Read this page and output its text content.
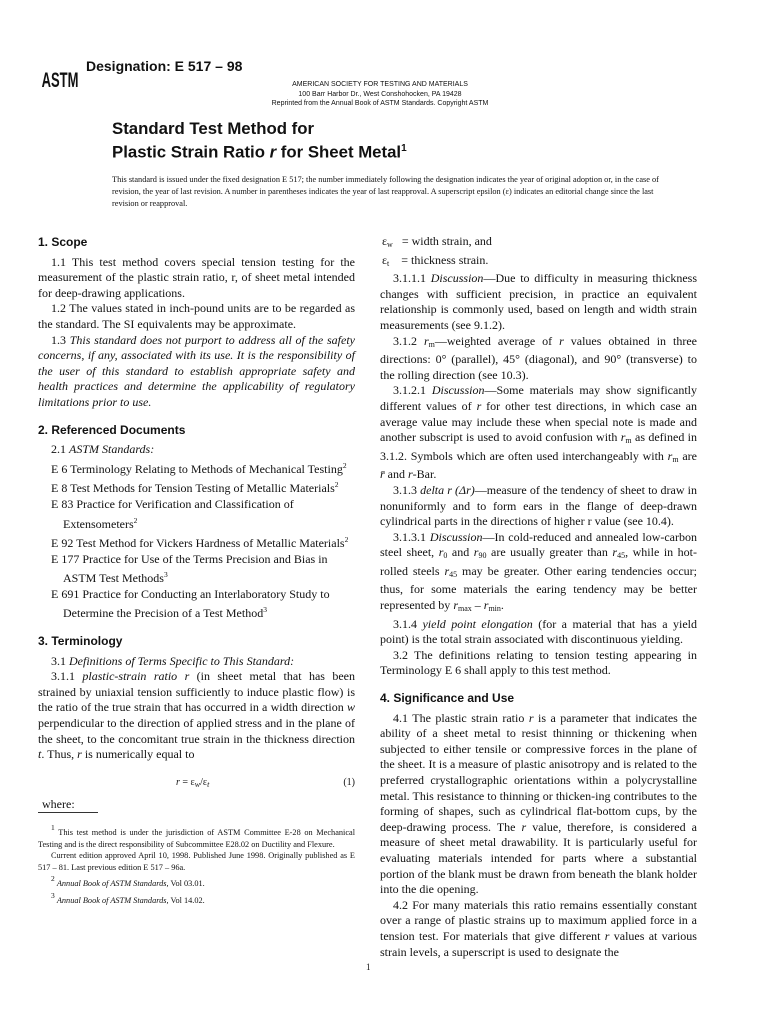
ASTM
Designation: E 517 – 98
AMERICAN SOCIETY FOR TESTING AND MATERIALS
100 Barr Harbor Dr., West Conshohocken, PA 19428
Reprinted from the Annual Book of ASTM Standards. Copyright ASTM
Standard Test Method for
Plastic Strain Ratio r for Sheet Metal$^1$
This standard is issued under the fixed designation E 517; the number immediately following the designation indicates the year of original adoption or, in the case of revision, the year of last revision. A number in parentheses indicates the year of last reapproval. A superscript epsilon (ε) indicates an editorial change since the last revision or reapproval.
1. Scope

1.1 This test method covers special tension testing for the measurement of the plastic strain ratio, r, of sheet metal intended for deep-drawing applications.

1.2 The values stated in inch-pound units are to be regarded as the standard. The SI equivalents may be approximate.

1.3 This standard does not purport to address all of the safety concerns, if any, associated with its use. It is the responsibility of the user of this standard to establish appropriate safety and health practices and determine the applicability of regulatory limitations prior to use.

2. Referenced Documents

2.1 ASTM Standards:

E 6 Terminology Relating to Methods of Mechanical Testing$^2$

E 8 Test Methods for Tension Testing of Metallic Materials$^2$

E 83 Practice for Verification and Classification of Extensometers$^2$

E 92 Test Method for Vickers Hardness of Metallic Materials$^2$

E 177 Practice for Use of the Terms Precision and Bias in ASTM Test Methods$^3$

E 691 Practice for Conducting an Interlaboratory Study to Determine the Precision of a Test Method$^3$

3. Terminology

3.1 Definitions of Terms Specific to This Standard:

3.1.1 plastic-strain ratio r (in sheet metal that has been strained by uniaxial tension sufficiently to induce plastic flow) is the ratio of the true strain that has occurred in a width direction w perpendicular to the direction of applied stress and in the plane of the sheet, to the concomitant true strain in the thickness direction t. Thus, r is numerically equal to

$r = \varepsilon_w/\varepsilon_t$	(1)

where:

$\varepsilon_w$ = width strain, and

$\varepsilon_t$ = thickness strain.

3.1.1.1 Discussion—Due to difficulty in measuring thickness changes with sufficient precision, in practice an equivalent relationship is commonly used, based on length and width strain measurements (see 9.1.2).

3.1.2 $r_m—weighted$ average of r values obtained in three directions: 0° (parallel), 45° (diagonal), and 90° (transverse) to the rolling direction (see 10.3).

3.1.2.1 Discussion—Some materials may show significantly different values of r for other test directions, in which case an average value may include these when special note is made and another subscript is used to avoid confusion with $r_m$ as defined in 3.1.2. Symbols which are often used interchangeably with $r_m$ are r̄ and r-Bar.

3.1.3 delta r (Δr)—measure of the tendency of sheet to draw in nonuniformly and to form ears in the flange of deep-drawn cylindrical parts in the directions of higher r value (see 10.4).

3.1.3.1 Discussion—In cold-reduced and annealed low-carbon steel sheet, $r_0$ and $r_{90}$ are usually greater than $r_{45}$, while in hot-rolled steels $r_{45}$ may be greater. Other earing tendencies occur; thus, for some materials the earing tendency may be better represented by $r_{max} - r_{min}$.

3.1.4 yield point elongation (for a material that has a yield point) is the total strain associated with discontinuous yielding.

3.2 The definitions relating to tension testing appearing in Terminology E 6 shall apply to this test method.

4. Significance and Use

4.1 The plastic strain ratio r is a parameter that indicates the ability of a sheet metal to resist thinning or thickening when subjected to either tensile or compressive forces in the plane of the sheet. It is a measure of plastic anisotropy and is related to the preferred crystallographic orientations within a polycrystalline metal. This resistance to thinning or thicken-ing contributes to the forming of shapes, such as cylindrical flat-bottom cups, by the deep-drawing process. The r value, therefore, is considered a measure of sheet metal drawability. It is particularly useful for evaluating materials intended for parts where a substantial portion of the blank must be drawn from beneath the blank holder into the die opening.

4.2 For many materials this ratio remains essentially constant over a range of plastic strains up to maximum applied force in a tension test. For materials that give different r values at various strain levels, a superscript is used to designate the

1 This test method is under the jurisdiction of ASTM Committee E-28 on Mechanical Testing and is the direct responsibility of Subcommittee E28.02 on Ductility and Flexure.

Current edition approved April 10, 1998. Published June 1998. Originally published as E 517 – 81. Last previous edition E 517 – 96a.

2 Annual Book of ASTM Standards, Vol 03.01.

3 Annual Book of ASTM Standards, Vol 14.02.

1
